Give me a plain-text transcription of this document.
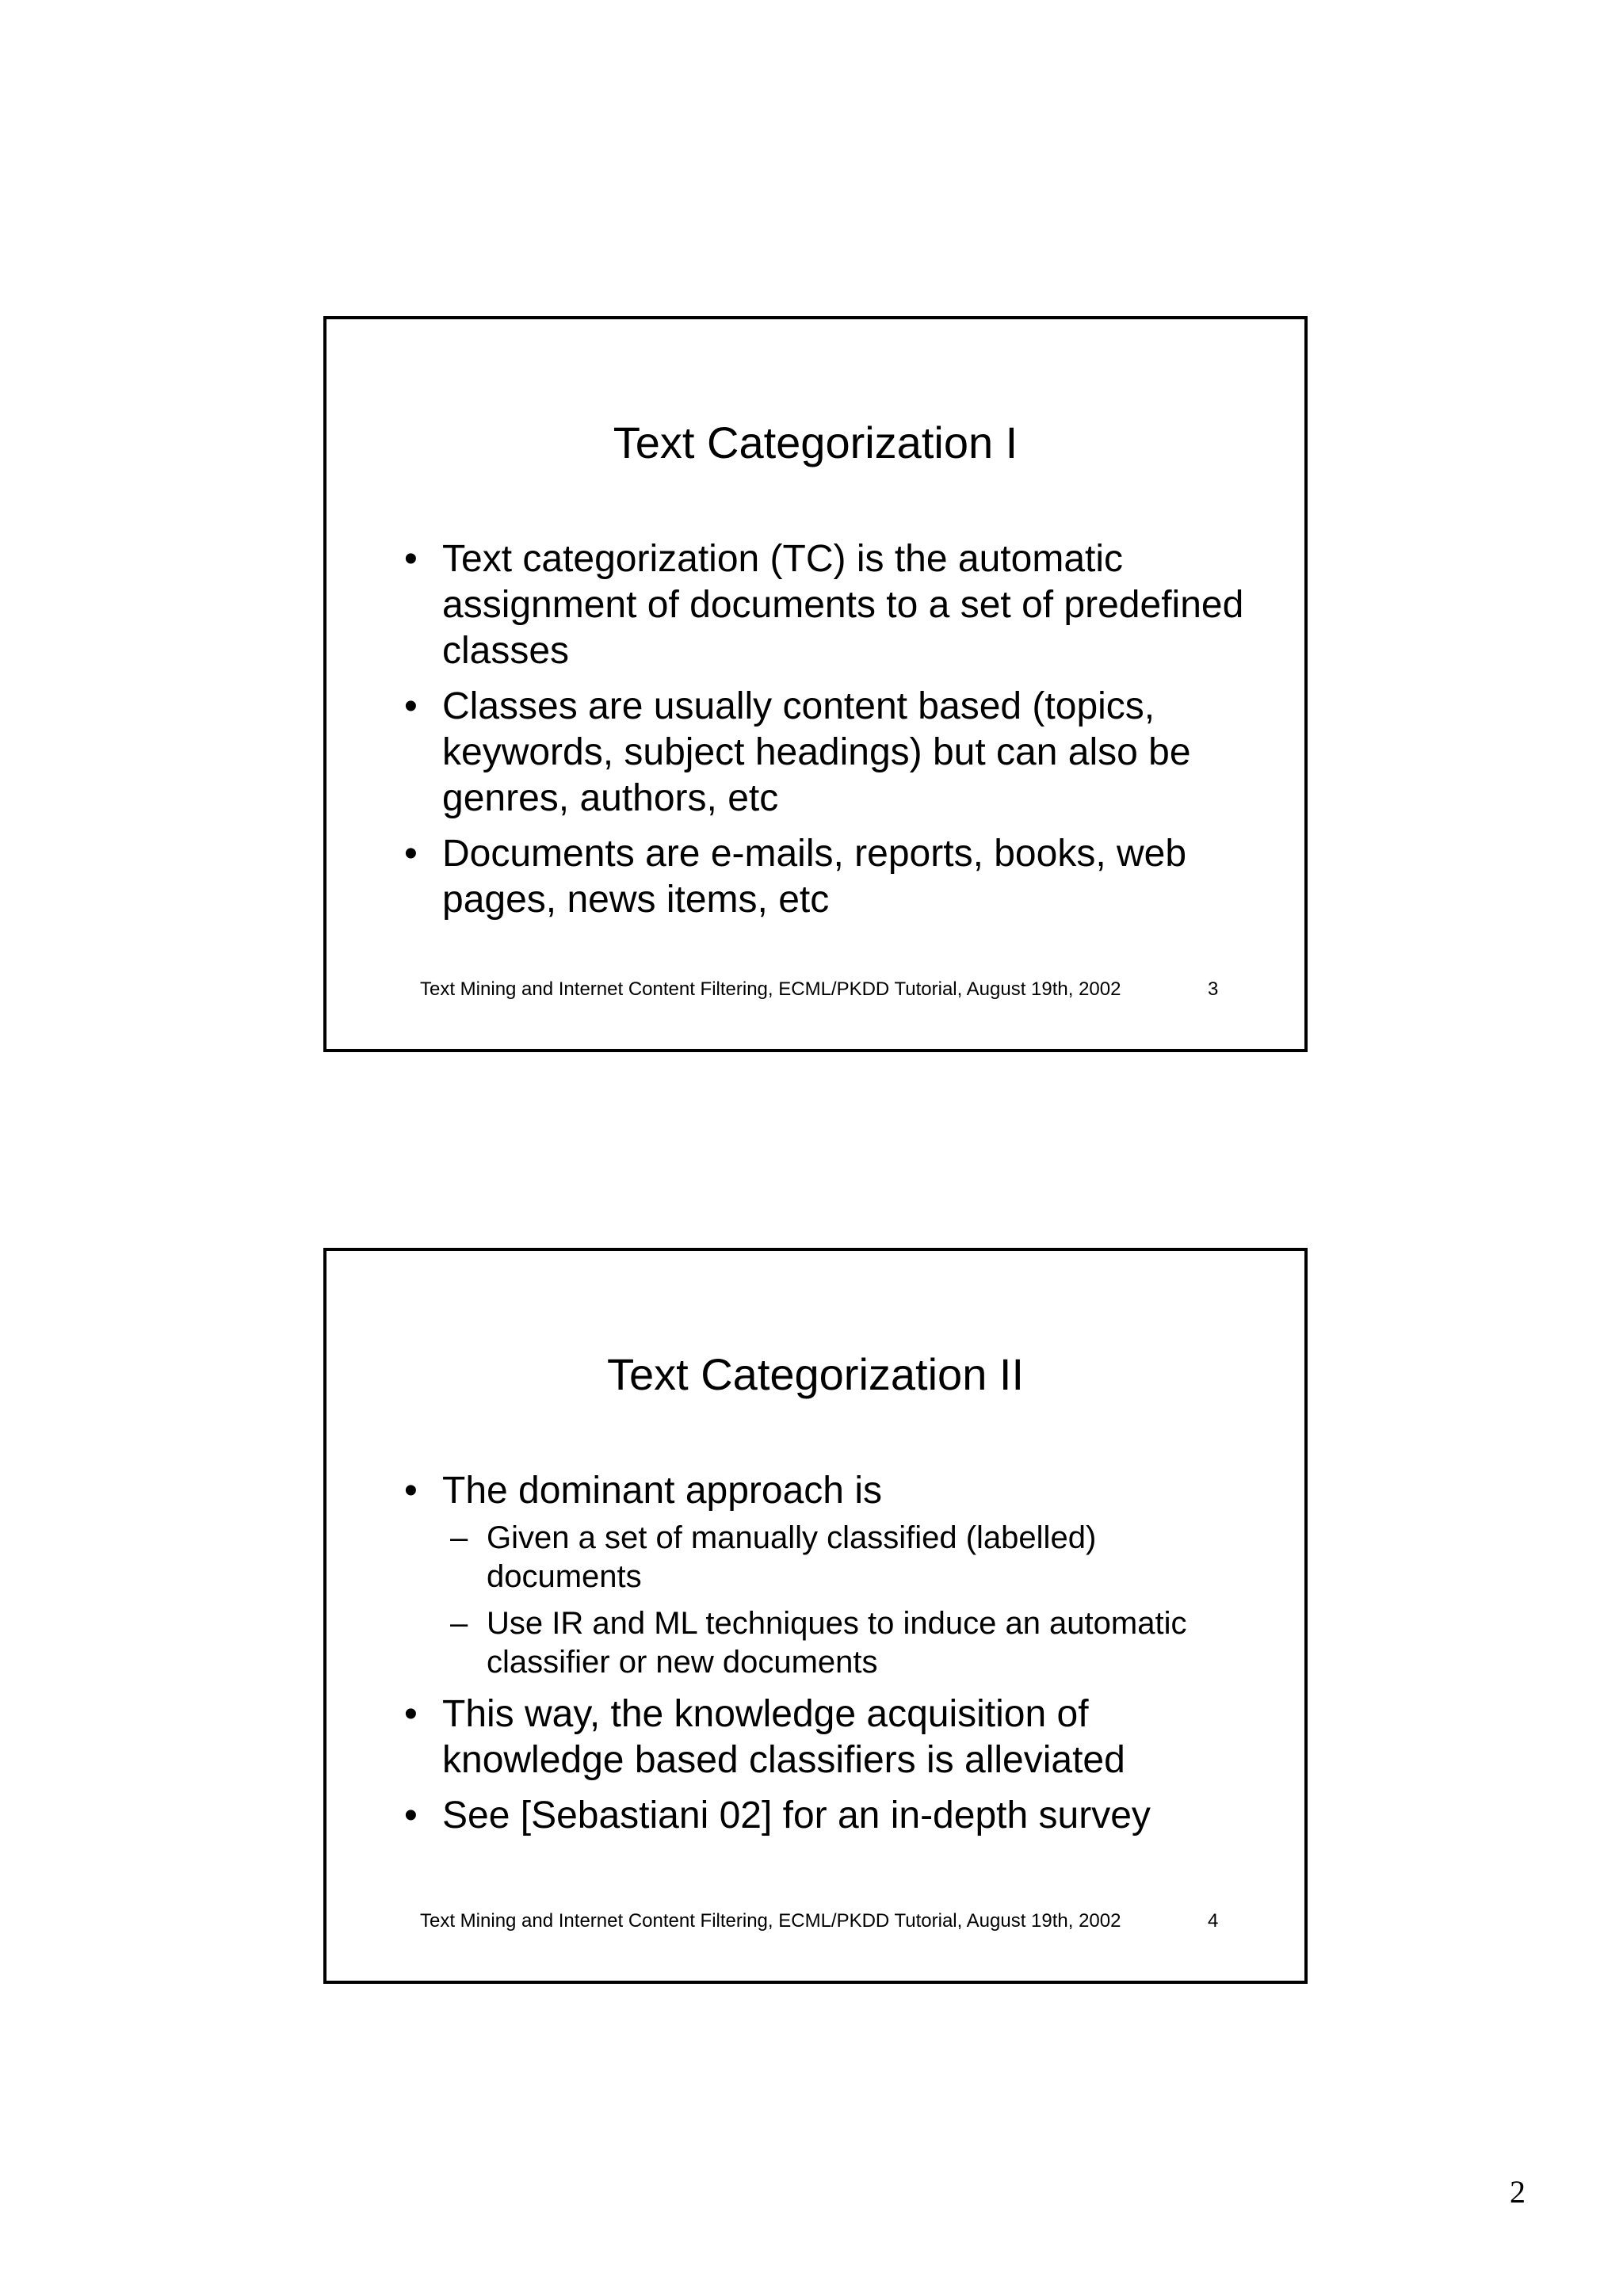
Text Categorization I
• Text categorization (TC) is the automatic assignment of documents to a set of predefined classes
• Classes are usually content based (topics, keywords, subject headings) but can also be genres, authors, etc
• Documents are e-mails, reports, books, web pages, news items, etc
Text Mining and Internet Content Filtering, ECML/PKDD Tutorial, August 19th, 2002	3
Text Categorization II
• The dominant approach is
– Given a set of manually classified (labelled) documents
– Use IR and ML techniques to induce an automatic classifier or new documents
• This way, the knowledge acquisition of knowledge based classifiers is alleviated
• See [Sebastiani 02] for an in-depth survey
Text Mining and Internet Content Filtering, ECML/PKDD Tutorial, August 19th, 2002	4
2
